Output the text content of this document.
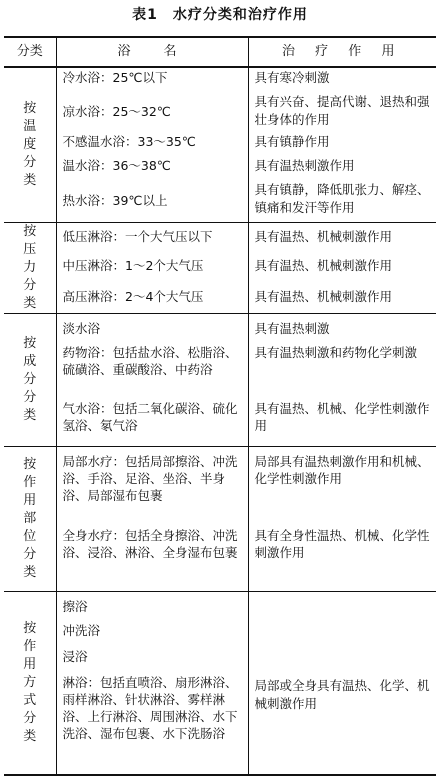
表1　水疗分类和治疗作用
分类	浴　名	治 疗 作 用
按温度分类	冷水浴：25℃以下	具有寒冷刺激
	凉水浴：25～32℃	具有兴奋、提高代谢、退热和强壮身体的作用
	不感温水浴：33～35℃	具有镇静作用
	温水浴：36～38℃	具有温热刺激作用
	热水浴：39℃以上	具有镇静，降低肌张力、解痉、镇痛和发汗等作用
按压力分类	低压淋浴：一个大气压以下	具有温热、机械刺激作用
	中压淋浴：1～2个大气压	具有温热、机械刺激作用
	高压淋浴：2～4个大气压	具有温热、机械刺激作用
按成分分类	淡水浴	具有温热刺激
	药物浴：包括盐水浴、松脂浴、硫磺浴、重碳酸浴、中药浴	具有温热刺激和药物化学刺激
	气水浴：包括二氧化碳浴、硫化氢浴、氡气浴	具有温热、机械、化学性刺激作用
按作用部位分类	局部水疗：包括局部擦浴、冲洗浴、手浴、足浴、坐浴、半身浴、局部湿布包裹	局部具有温热刺激作用和机械、化学性刺激作用
	全身水疗：包括全身擦浴、冲洗浴、浸浴、淋浴、全身湿布包裹	具有全身性温热、机械、化学性刺激作用
按作用方式分类	擦浴	局部或全身具有温热、化学、机械刺激作用
	冲洗浴	
	浸浴	
	淋浴：包括直喷浴、扇形淋浴、雨样淋浴、针状淋浴、雾样淋浴、上行淋浴、周围淋浴、水下洗浴、湿布包裹、水下洗肠浴	
